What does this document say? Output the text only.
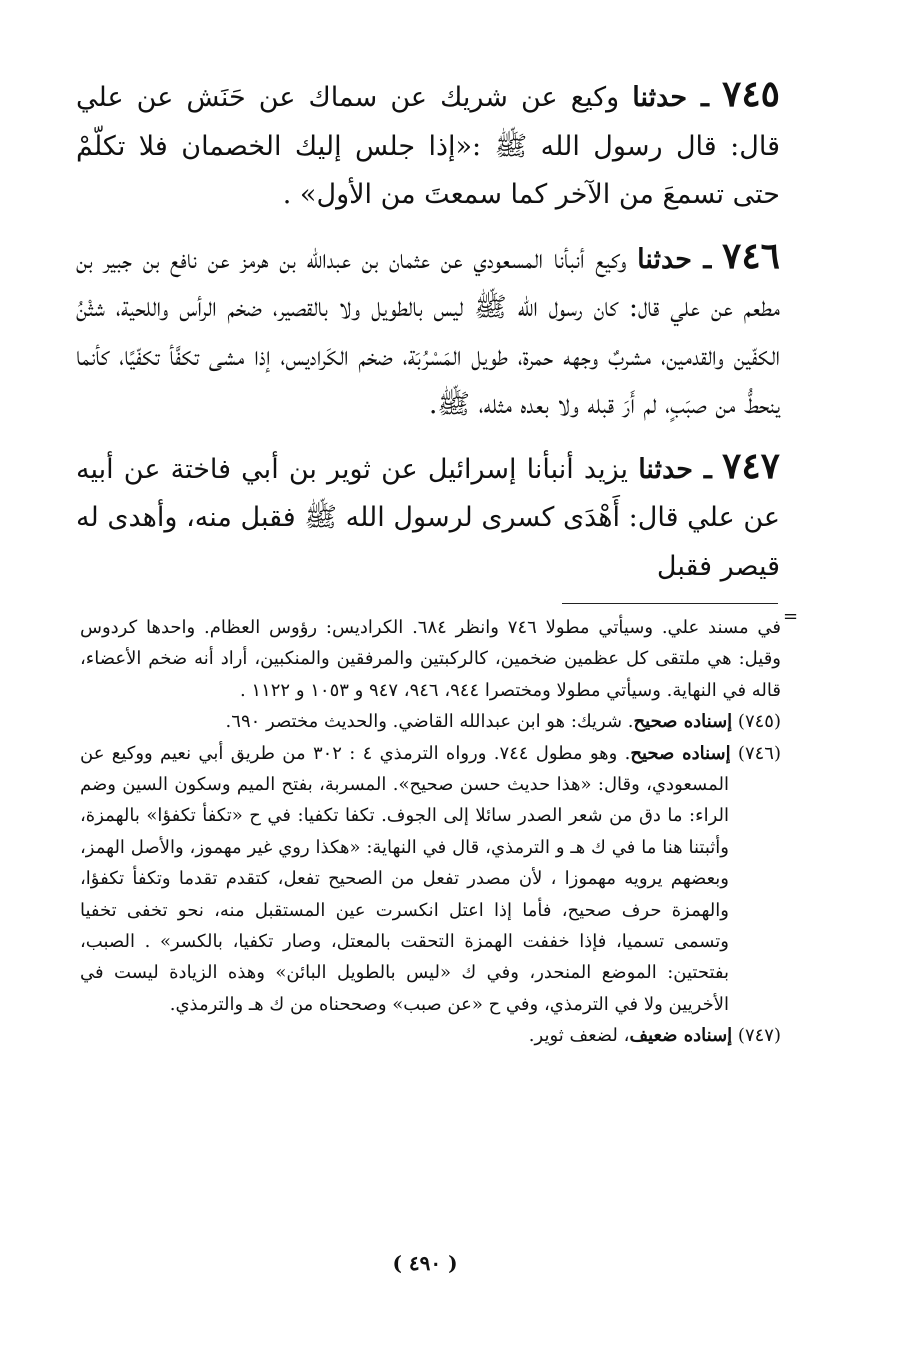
٧٤٥ ـ حدثنا وكيع عن شريك عن سماك عن حَنَش عن علي قال: قال رسول الله ﷺ :«إذا جلس إليك الخصمان فلا تكلّمْ حتى تسمعَ من الآخر كما سمعتَ من الأول» .

٧٤٦ ـ حدثنا وكيع أنبأنا المسعودي عن عثمان بن عبدالله بن هرمز عن نافع بن جبير بن مطعم عن علي قال: كان رسول الله ﷺ ليس بالطويل ولا بالقصير، ضخم الرأس واللحية، شثْنُ الكفّين والقدمين، مشربٌ وجهه حمرة، طويل المَسْرُبَة، ضخم الكَراديس، إذا مشى تكفَّأ تكفّيًا، كأنما ينحطُّ من صبَبٍ، لم أَرَ قبله ولا بعده مثله، ﷺ.

٧٤٧ ـ حدثنا يزيد أنبأنا إسرائيل عن ثوير بن أبي فاختة عن أبيه عن علي قال: أَهْدَى كسرى لرسول الله ﷺ فقبل منه، وأهدى له قيصر فقبل

=

في مسند علي. وسيأتي مطولا ٧٤٦ وانظر ٦٨٤. الكراديس: رؤوس العظام. واحدها كردوس وقيل: هي ملتقى كل عظمين ضخمين، كالركبتين والمرفقين والمنكبين، أراد أنه ضخم الأعضاء، قاله في النهاية. وسيأتي مطولا ومختصرا ٩٤٤، ٩٤٦، ٩٤٧ و ١٠٥٣ و ١١٢٢ .

(٧٤٥) إسناده صحيح. شريك: هو ابن عبدالله القاضي. والحديث مختصر ٦٩٠.

(٧٤٦) إسناده صحيح. وهو مطول ٧٤٤. ورواه الترمذي ٤ : ٣٠٢ من طريق أبي نعيم ووكيع عن المسعودي، وقال: «هذا حديث حسن صحيح». المسربة، بفتح الميم وسكون السين وضم الراء: ما دق من شعر الصدر سائلا إلى الجوف. تكفا تكفيا: في ح «تكفأ تكفؤا» بالهمزة، وأثبتنا هنا ما في ك هـ و الترمذي، قال في النهاية: «هكذا روي غير مهموز، والأصل الهمز، وبعضهم يرويه مهموزا ، لأن مصدر تفعل من الصحيح تفعل، كتقدم تقدما وتكفأ تكفؤا، والهمزة حرف صحيح، فأما إذا اعتل انكسرت عين المستقبل منه، نحو تخفى تخفيا وتسمى تسميا، فإذا خففت الهمزة التحقت بالمعتل، وصار تكفيا، بالكسر» . الصبب، بفتحتين: الموضع المنحدر، وفي ك «ليس بالطويل البائن» وهذه الزيادة ليست في الأخريين ولا في الترمذي، وفي ح «عن صبب» وصححناه من ك هـ والترمذي.

(٧٤٧) إسناده ضعيف، لضعف ثوير.

( ٤٩٠ )
